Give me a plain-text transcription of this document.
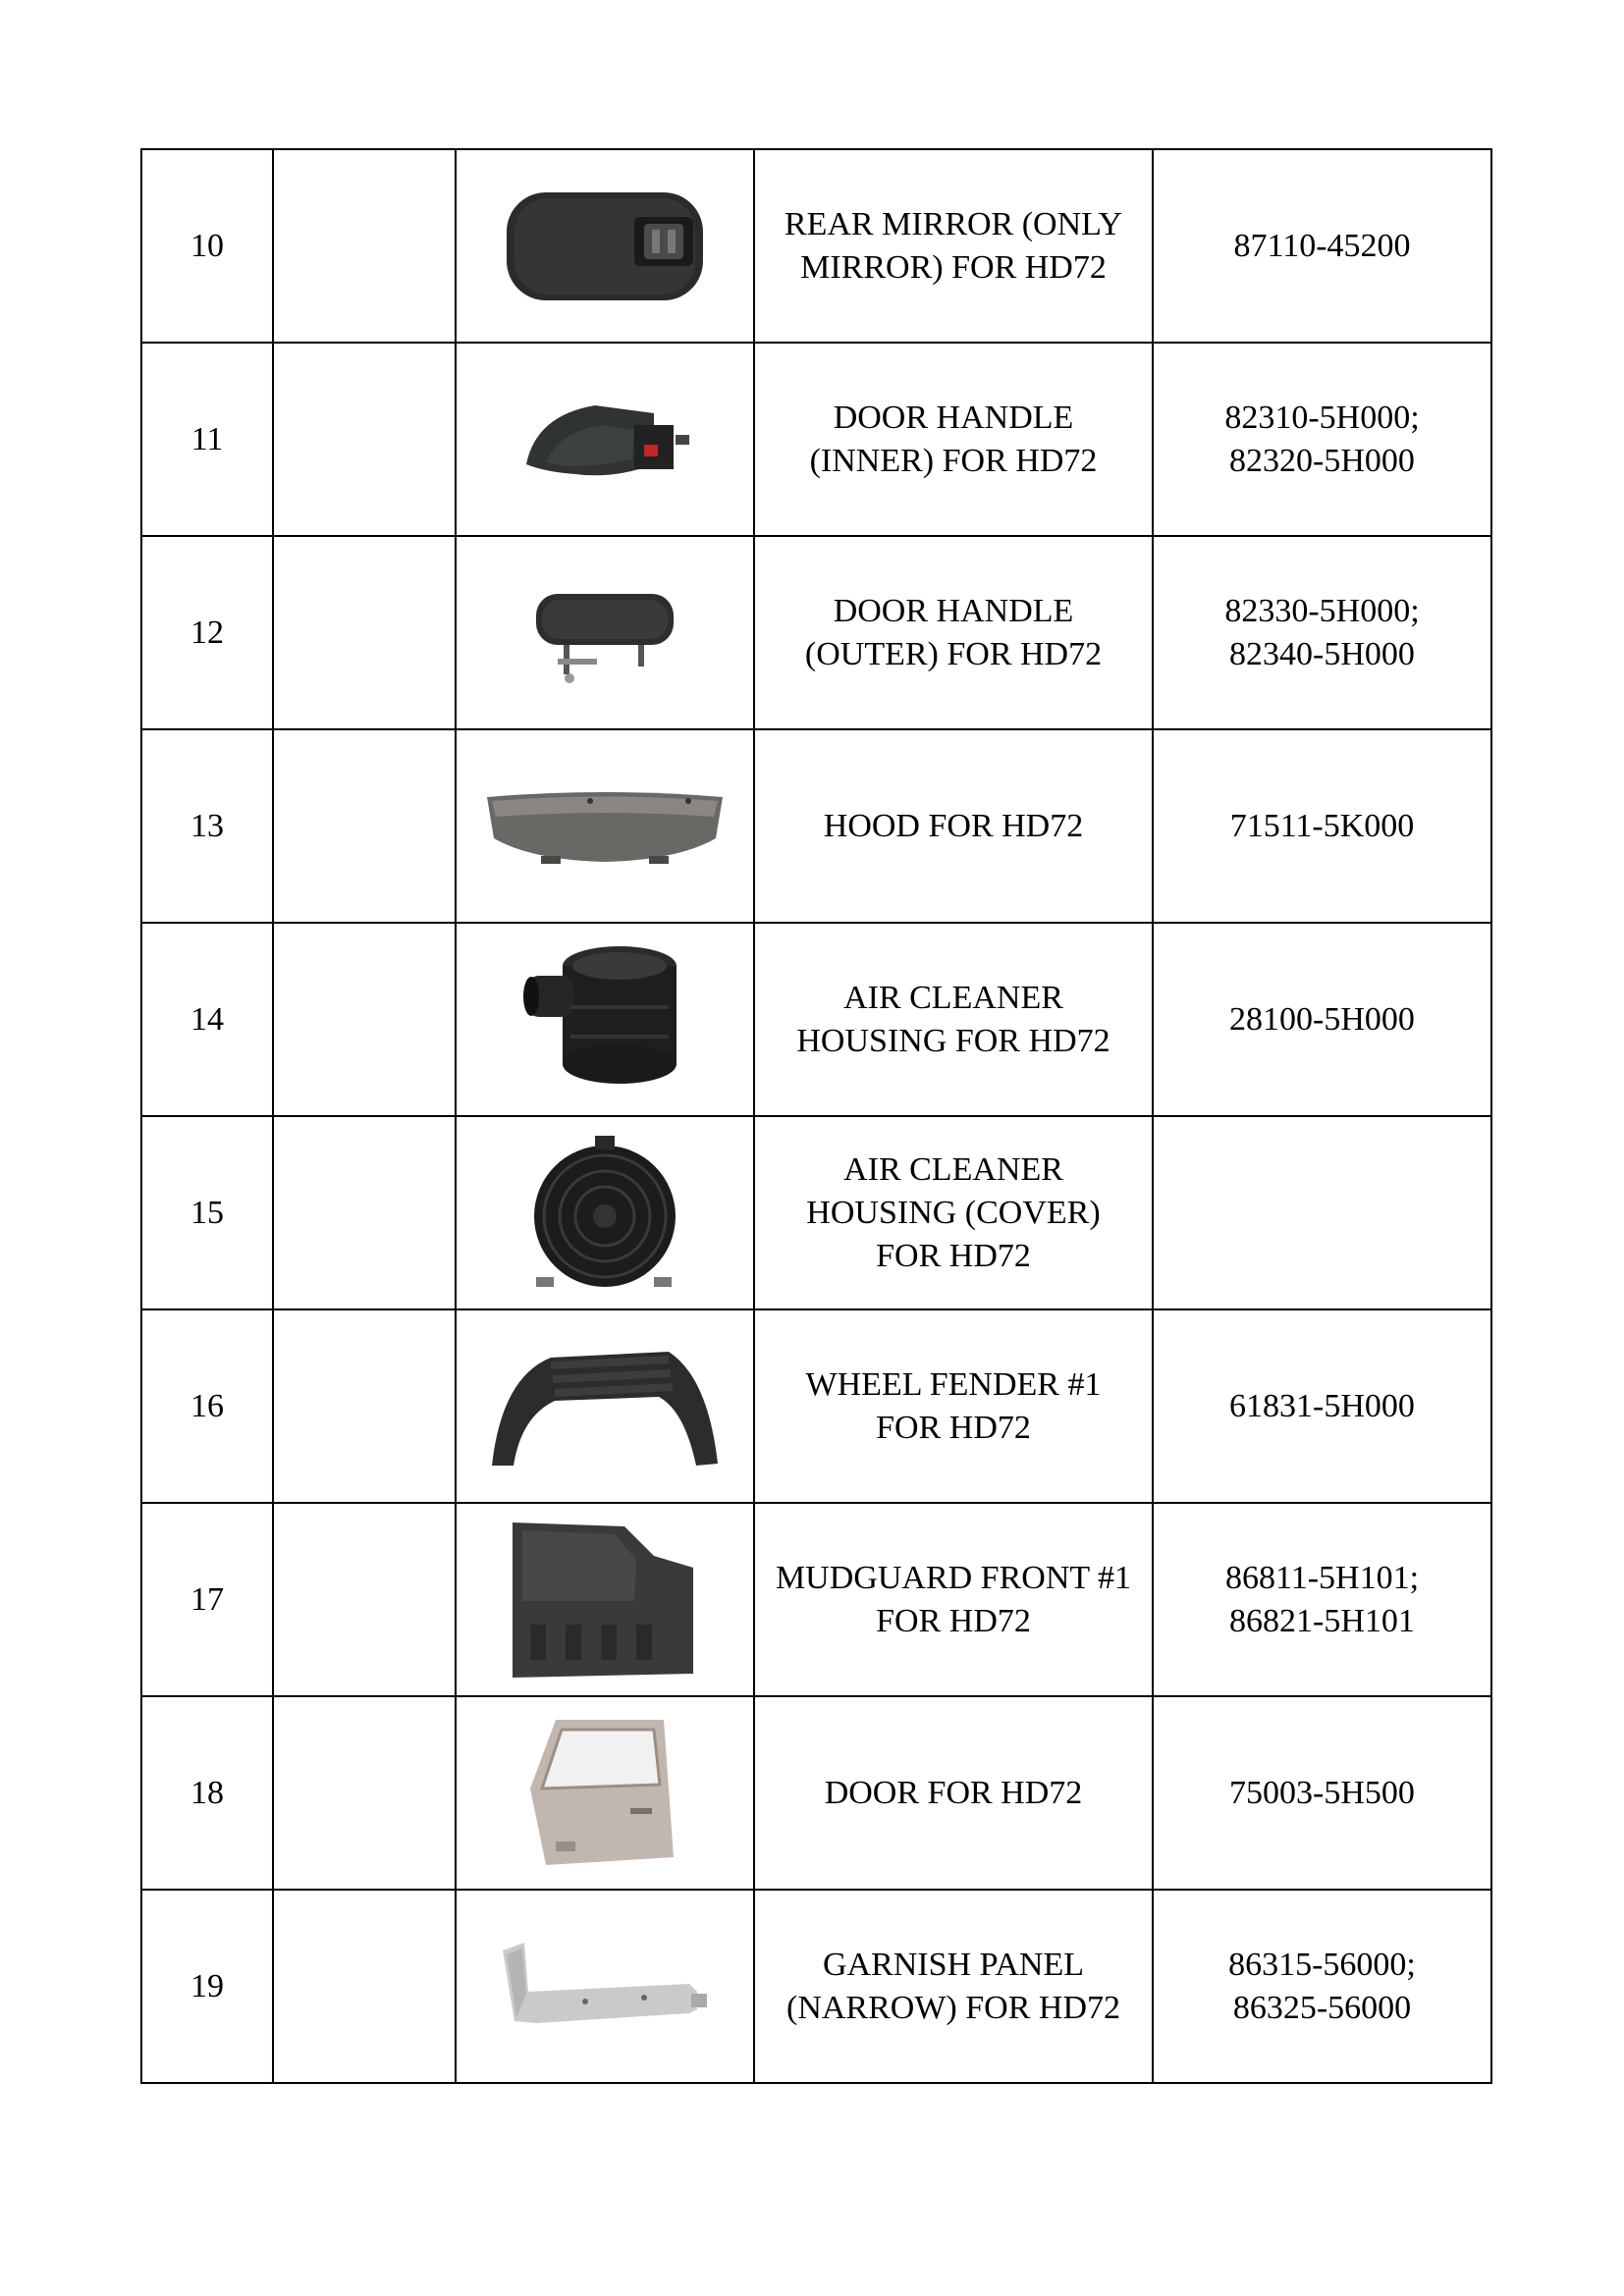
10			REAR MIRROR (ONLY
MIRROR) FOR HD72	87110-45200

11			DOOR HANDLE
(INNER) FOR HD72	82310-5H000;
82320-5H000

12			DOOR HANDLE
(OUTER) FOR HD72	82330-5H000;
82340-5H000

13			HOOD FOR HD72	71511-5K000

14			AIR CLEANER
HOUSING FOR HD72	28100-5H000

15			AIR CLEANER
HOUSING (COVER)
FOR HD72	

16			WHEEL FENDER #1
FOR HD72	61831-5H000

17			MUDGUARD FRONT #1
FOR HD72	86811-5H101;
86821-5H101

18			DOOR FOR HD72	75003-5H500

19			GARNISH PANEL
(NARROW) FOR HD72	86315-56000;
86325-56000
